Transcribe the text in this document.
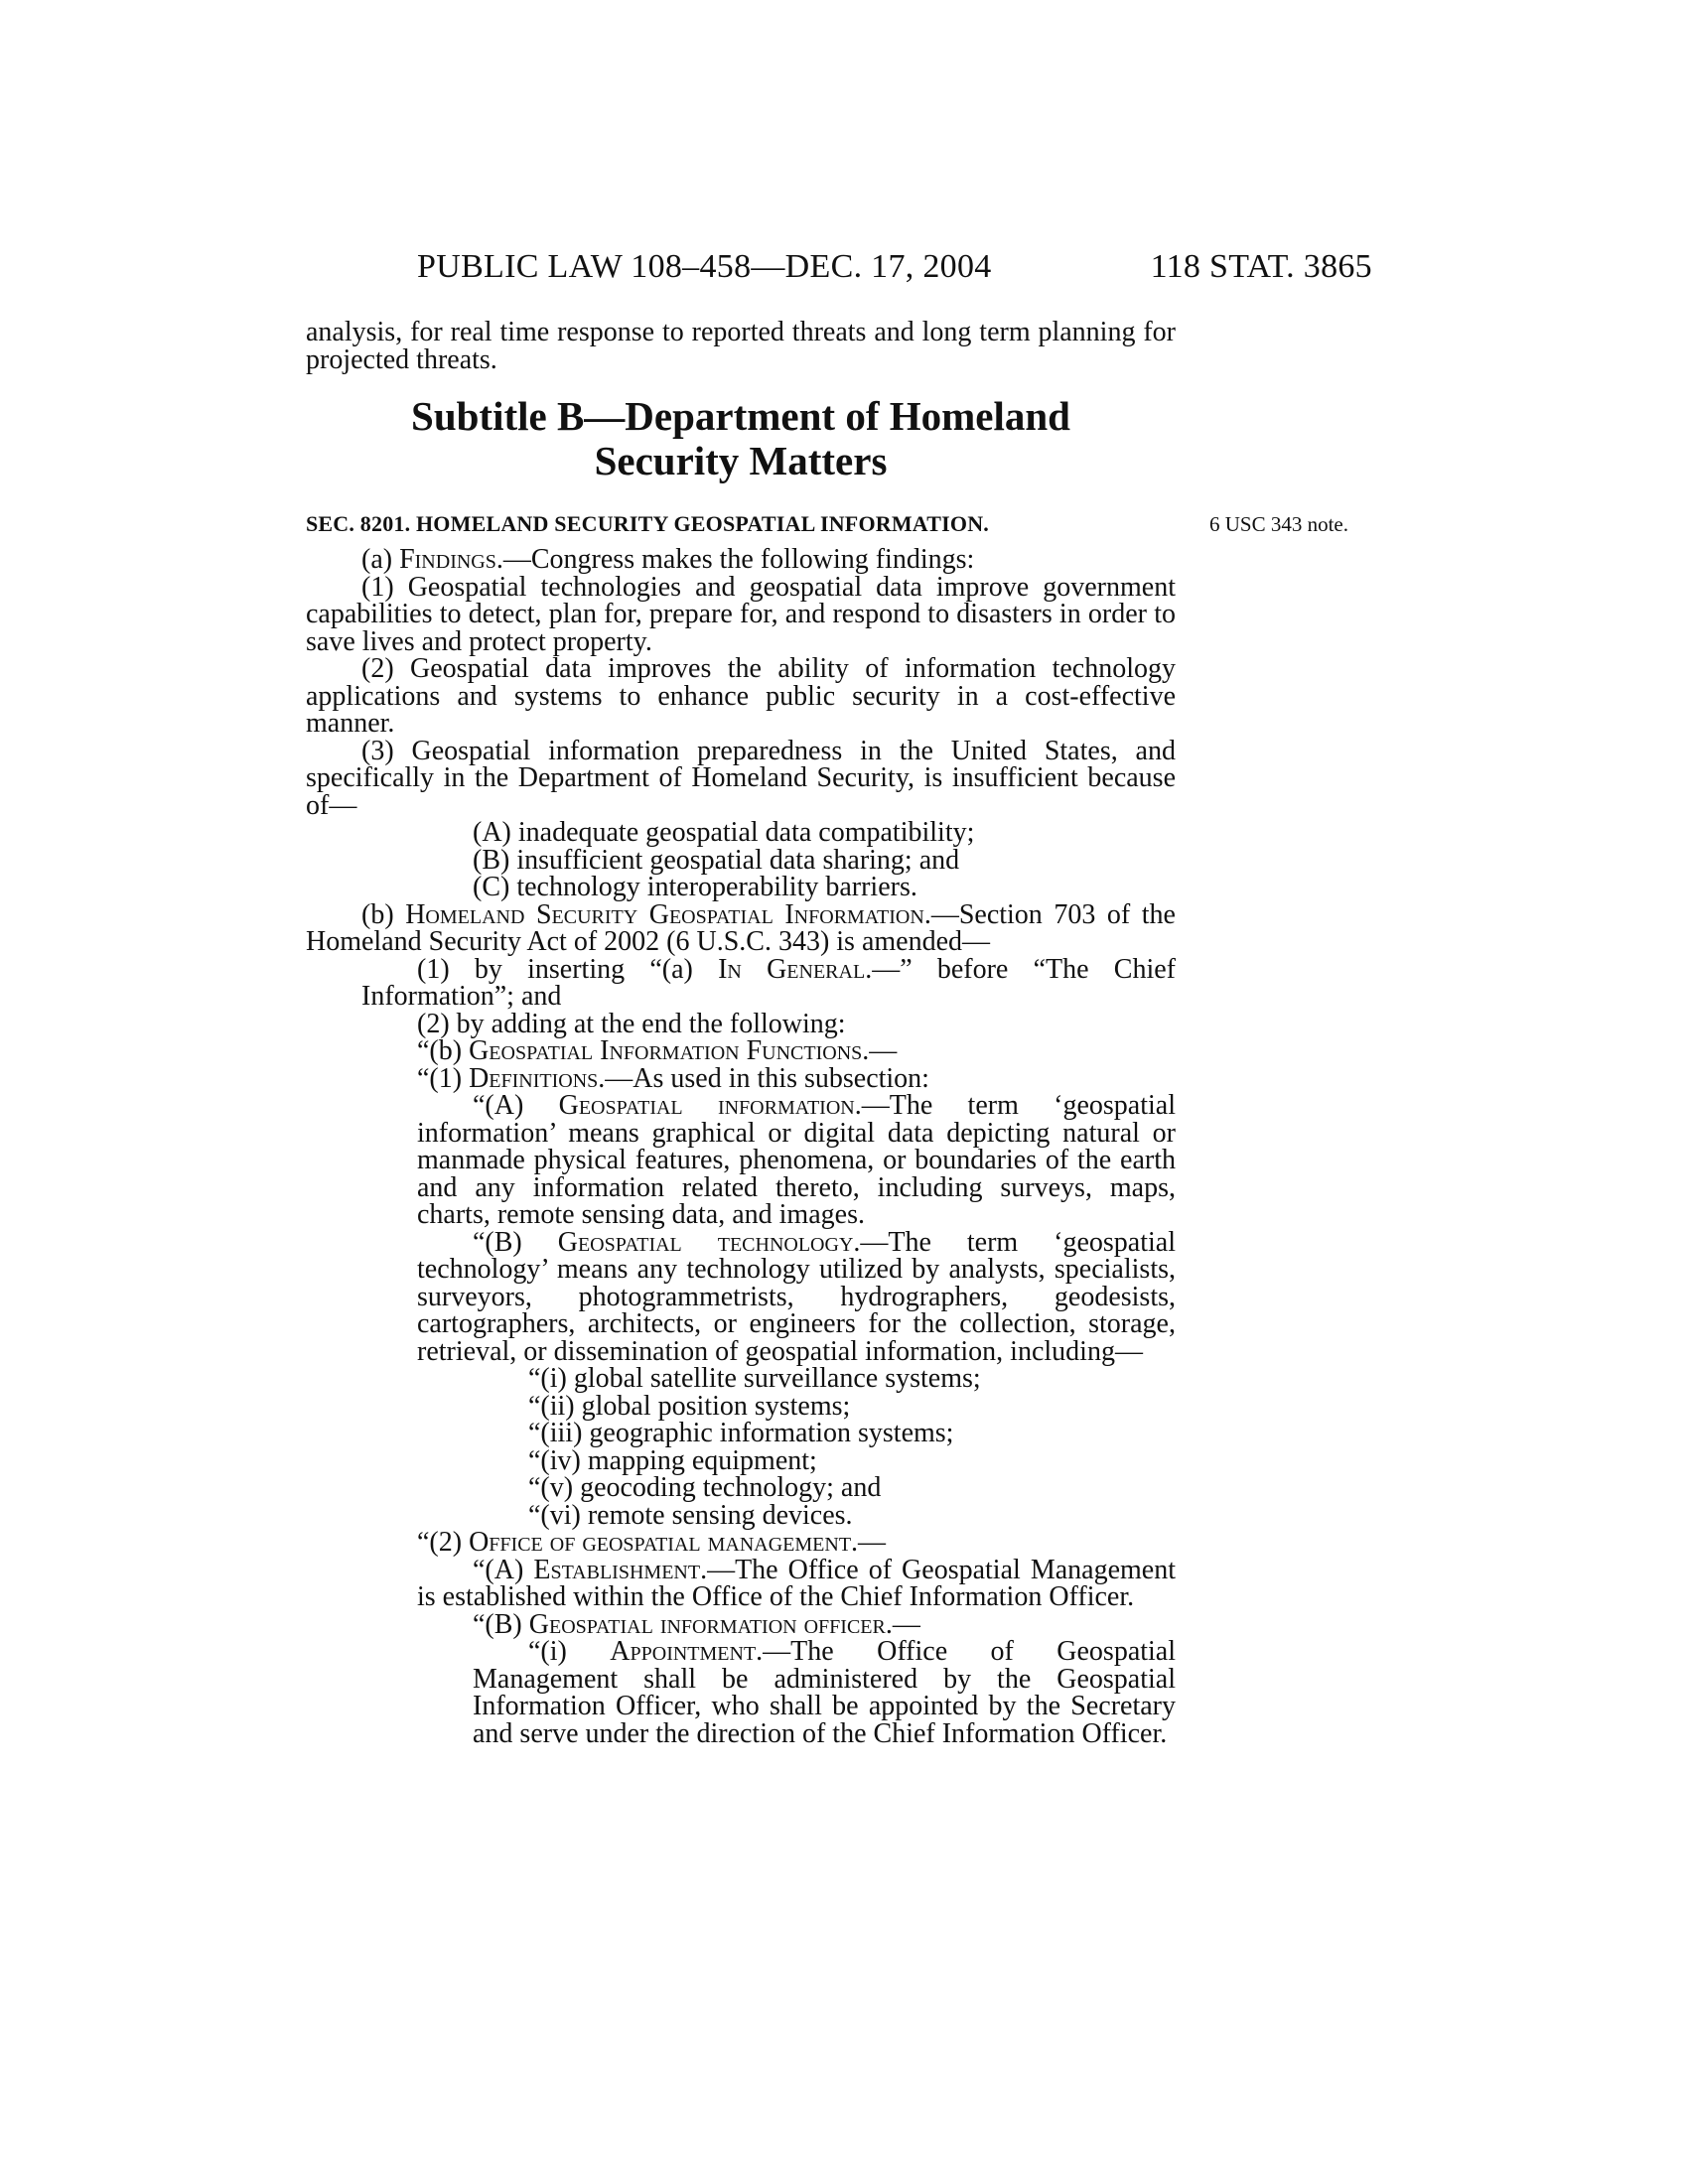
PUBLIC LAW 108–458—DEC. 17, 2004	118 STAT. 3865
analysis, for real time response to reported threats and long term planning for projected threats.
Subtitle B—Department of Homeland
Security Matters
SEC. 8201. HOMELAND SECURITY GEOSPATIAL INFORMATION.	6 USC 343 note.

(a) Findings.—Congress makes the following findings:

(1) Geospatial technologies and geospatial data improve government capabilities to detect, plan for, prepare for, and respond to disasters in order to save lives and protect property.

(2) Geospatial data improves the ability of information technology applications and systems to enhance public security in a cost-effective manner.

(3) Geospatial information preparedness in the United States, and specifically in the Department of Homeland Security, is insufficient because of—

(A) inadequate geospatial data compatibility;

(B) insufficient geospatial data sharing; and

(C) technology interoperability barriers.

(b) Homeland Security Geospatial Information.—Section 703 of the Homeland Security Act of 2002 (6 U.S.C. 343) is amended—

(1) by inserting “(a) In General.—” before “The Chief Information”; and

(2) by adding at the end the following:

“(b) Geospatial Information Functions.—

“(1) Definitions.—As used in this subsection:

“(A) Geospatial information.—The term ‘geospatial information’ means graphical or digital data depicting natural or manmade physical features, phenomena, or boundaries of the earth and any information related thereto, including surveys, maps, charts, remote sensing data, and images.

“(B) Geospatial technology.—The term ‘geospatial technology’ means any technology utilized by analysts, specialists, surveyors, photogrammetrists, hydrographers, geodesists, cartographers, architects, or engineers for the collection, storage, retrieval, or dissemination of geospatial information, including—

“(i) global satellite surveillance systems;

“(ii) global position systems;

“(iii) geographic information systems;

“(iv) mapping equipment;

“(v) geocoding technology; and

“(vi) remote sensing devices.

“(2) Office of geospatial management.—

“(A) Establishment.—The Office of Geospatial Management is established within the Office of the Chief Information Officer.

“(B) Geospatial information officer.—

“(i) Appointment.—The Office of Geospatial Management shall be administered by the Geospatial Information Officer, who shall be appointed by the Secretary and serve under the direction of the Chief Information Officer.
